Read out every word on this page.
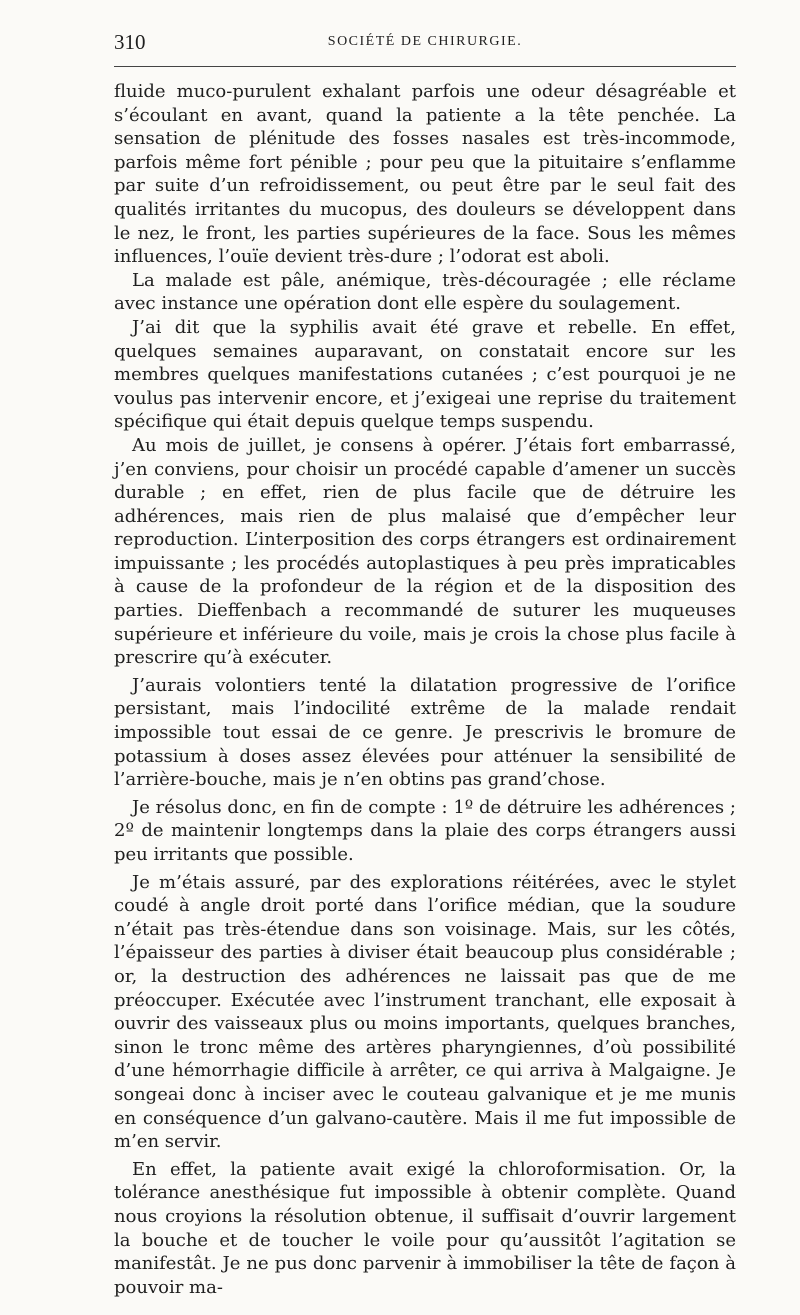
310	SOCIÉTÉ DE CHIRURGIE.

fluide muco-purulent exhalant parfois une odeur désagréable et s’écoulant en avant, quand la patiente a la tête penchée. La sensation de plénitude des fosses nasales est très-incommode, parfois même fort pénible ; pour peu que la pituitaire s’enflamme par suite d’un refroidissement, ou peut être par le seul fait des qualités irritantes du mucopus, des douleurs se développent dans le nez, le front, les parties supérieures de la face. Sous les mêmes influences, l’ouïe devient très-dure ; l’odorat est aboli.

La malade est pâle, anémique, très-découragée ; elle réclame avec instance une opération dont elle espère du soulagement.

J’ai dit que la syphilis avait été grave et rebelle. En effet, quelques semaines auparavant, on constatait encore sur les membres quelques manifestations cutanées ; c’est pourquoi je ne voulus pas intervenir encore, et j’exigeai une reprise du traitement spécifique qui était depuis quelque temps suspendu.

Au mois de juillet, je consens à opérer. J’étais fort embarrassé, j’en conviens, pour choisir un procédé capable d’amener un succès durable ; en effet, rien de plus facile que de détruire les adhérences, mais rien de plus malaisé que d’empêcher leur reproduction. L’interposition des corps étrangers est ordinairement impuissante ; les procédés autoplastiques à peu près impraticables à cause de la profondeur de la région et de la disposition des parties. Dieffenbach a recommandé de suturer les muqueuses supérieure et inférieure du voile, mais je crois la chose plus facile à prescrire qu’à exécuter.

J’aurais volontiers tenté la dilatation progressive de l’orifice persistant, mais l’indocilité extrême de la malade rendait impossible tout essai de ce genre. Je prescrivis le bromure de potassium à doses assez élevées pour atténuer la sensibilité de l’arrière-bouche, mais je n’en obtins pas grand’chose.

Je résolus donc, en fin de compte : 1º de détruire les adhérences ; 2º de maintenir longtemps dans la plaie des corps étrangers aussi peu irritants que possible.

Je m’étais assuré, par des explorations réitérées, avec le stylet coudé à angle droit porté dans l’orifice médian, que la soudure n’était pas très-étendue dans son voisinage. Mais, sur les côtés, l’épaisseur des parties à diviser était beaucoup plus considérable ; or, la destruction des adhérences ne laissait pas que de me préoccuper. Exécutée avec l’instrument tranchant, elle exposait à ouvrir des vaisseaux plus ou moins importants, quelques branches, sinon le tronc même des artères pharyngiennes, d’où possibilité d’une hémorrhagie difficile à arrêter, ce qui arriva à Malgaigne. Je songeai donc à inciser avec le couteau galvanique et je me munis en conséquence d’un galvano-cautère. Mais il me fut impossible de m’en servir.

En effet, la patiente avait exigé la chloroformisation. Or, la tolérance anesthésique fut impossible à obtenir complète. Quand nous croyions la résolution obtenue, il suffisait d’ouvrir largement la bouche et de toucher le voile pour qu’aussitôt l’agitation se manifestât. Je ne pus donc parvenir à immobiliser la tête de façon à pouvoir ma-
